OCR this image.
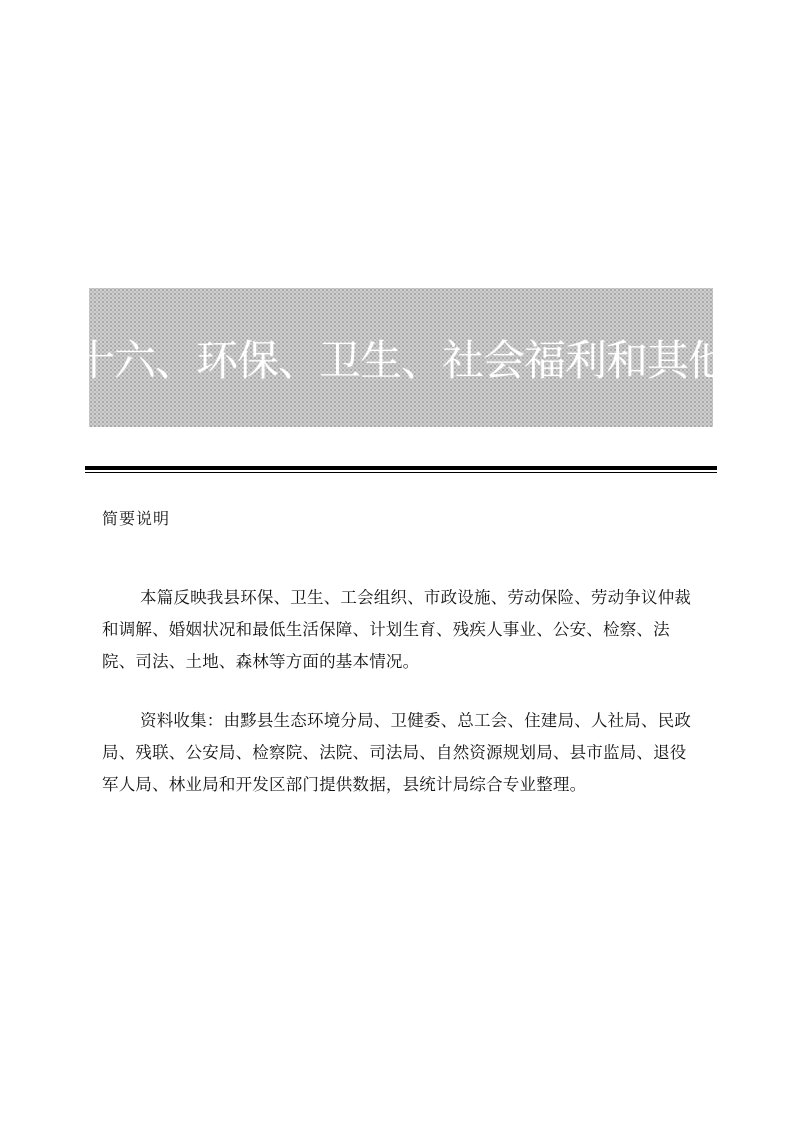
十六、环保、卫生、社会福利和其他
简要说明

本篇反映我县环保、卫生、工会组织、市政设施、劳动保险、劳动争议仲裁和调解、婚姻状况和最低生活保障、计划生育、残疾人事业、公安、检察、法院、司法、土地、森林等方面的基本情况。

资料收集：由黟县生态环境分局、卫健委、总工会、住建局、人社局、民政局、残联、公安局、检察院、法院、司法局、自然资源规划局、县市监局、退役军人局、林业局和开发区部门提供数据，县统计局综合专业整理。
